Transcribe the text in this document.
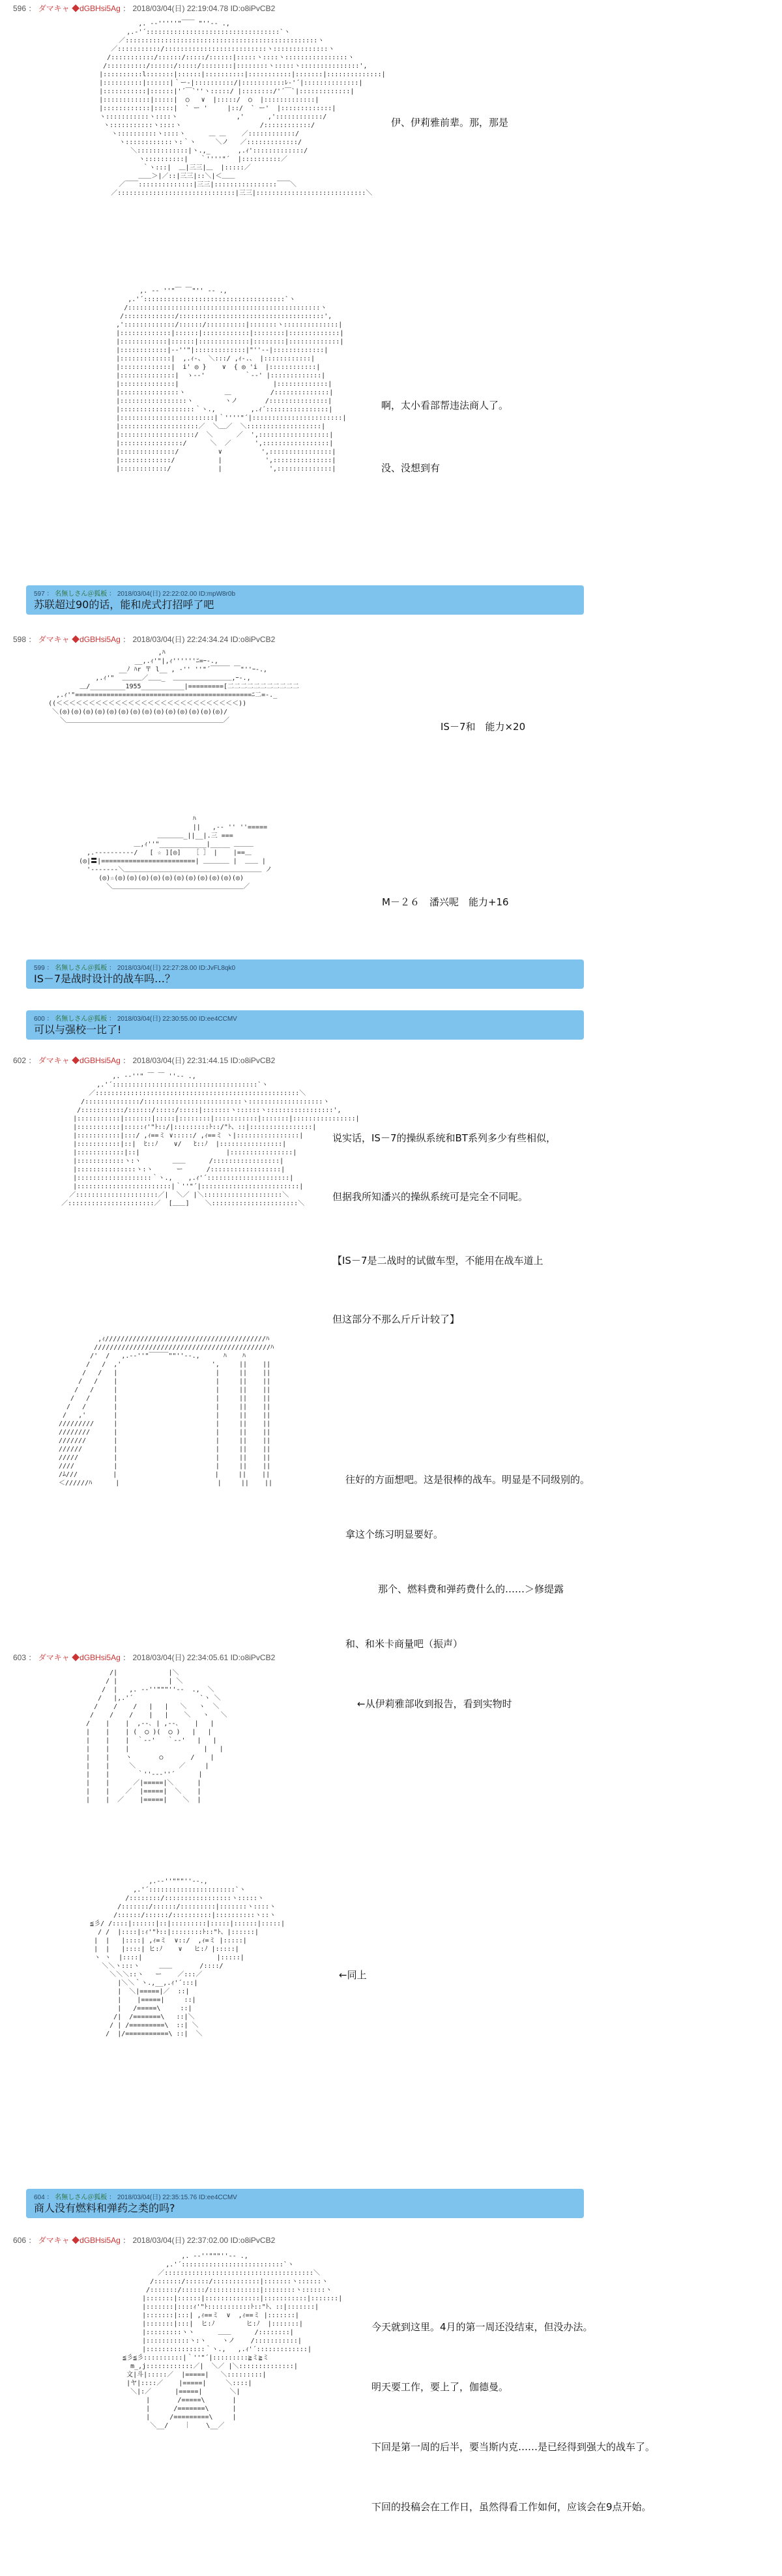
596 ： ダマキャ ◆dGBHsi5Ag ： 2018/03/04(日) 22:19:04.78 ID:o8iPvCB2
,. -‐'''''"￣￣ "''‐- .,
,.-'´::::::::::::::::::::::::::::::::::`ヽ
／:::::::::::::::::::::::::::::::::::::::::::::::::ヽ
／:::::::::::/::::::::::::::::::::::::::ヽ::::::::::::::ヽ
/:::::::::::/::::::/:::::/::::::|:::::ヽ::::ヽ::::::::::::::::ヽ
/::::::::::/::::::/:::::/::::::::|::::::::ヽ:::::ヽ:::::::::::::::',
|::::::::::l:::::::|::::::|::::::::::|:::::::::::|:::::::|::::::::::::::|
|::::::::::|::::::|｀ー-|::::::::::/|:::::::::::ﾚ‐'´|::::::::::::::|
|:::::::::::|::::::|'´￣`''ヽ:::::/ |::::::::/'´￣`|:::::::::::::|
|::::::::::::|:::::|  ○   ∨  |:::::/  ○  |:::::::::::::|
|::::::::::::|:::::|  ` ー '     |::/  ` ー'  |:::::::::::::|
ヽ:::::::::::ヽ::::ヽ               ,'      ,'::::::::::::/
ヽ:::::::::::ヽ::::ヽ                    /::::::::::::/
ヽ::::::::::ヽ::::ヽ      ＿ ＿    ／::::::::::::/
ヽ::::::::::::ヽ:｀ヽ     ＼ノ   ／:::::::::::::/
＼:::::::::::::|ヽ.,_       ,.ｨ':::::::::::::/
ヽ::::::::::|   ｀''''"´  |::::::::::／
｀ヽ:::|  ＿|三三|＿  |:::::／
＿＿＞|／::|三三|::＼|＜＿＿
／￣￣::::::::::::::|三三|::::::::::::::::￣￣＼
／::::::::::::::::::::::::::::::|三三|::::::::::::::::::::::::::::＼

伊、伊莉雅前辈。那，那是

,. -‐ ''"￣ ￣"'' ‐- .,
,.'´::::::::::::::::::::::::::::::::::::`ヽ
/:::::::::::::::::::::::::::::::::::::::::::::::::ヽ
/:::::::::::::/:::::::::::::::::::::::::::::::::::::',
,':::::::::::::/::::::/::::::::::|:::::::ヽ::::::::::::::|
|:::::::::::::|::::::|::::::::::::|::::::::|:::::::::::::|
|::::::::::::|::::::|:::::::::::::|::::::::|:::::::::::::|
|::::::::::::|-‐''"|:::::::::::::|"''‐-|:::::::::::::|
|:::::::::::::|  ,.ｨ-、 ＼:::/ ,ｨ-.、 |::::::::::::|
|:::::::::::::|  i' ◎ }    ∨  { ◎ 'i  |::::::::::::|
|::::::::::::::|  ゝ-‐'          ｀‐-' |:::::::::::::|
|::::::::::::::|                        |:::::::::::::|
|:::::::::::::::ヽ          ＿          /::::::::::::::|
|:::::::::::::::::ヽ        ヽノ       /:::::::::::::::|
|:::::::::::::::::::｀ヽ.,         ,.ｨ´::::::::::::::::|
|::::::::::::::::::::::::|｀''''"´|:::::::::::::::::::::::|
|::::::::::::::::::::／  ＼＿／  ＼:::::::::::::::::::|
|:::::::::::::::::::/  ＼      ／  ',::::::::::::::::::|
|::::::::::::::::/      ＼  ／      ',:::::::::::::::::|
|::::::::::::::/          ∨          ',::::::::::::::::|
|:::::::::::::/           |           ',:::::::::::::::|
|::::::::::::/            |            ',::::::::::::::|

啊，太小看部帮违法商人了。

没、没想到有

597 ： 名無しさん＠狐板 ： 2018/03/04(日) 22:22:02.00 ID:mpW8r0b
苏联超过90的话，能和虎式打招呼了吧
598 ： ダマキャ ◆dGBHsi5Ag ： 2018/03/04(日) 22:24:34.24 ID:o8iPvCB2
,ﾊ
__,.ｨ'"|,ｨ''''''ﾆ=ｰ-.,
__ﾉ ﾊ﻿r 〒 l__ , -'' ''"´￣￣￣ ￣"''ｰ-.,
,.ｨ'"  ＿＿＿／＿＿_  ＿＿＿＿＿＿＿＿＿,ｰ-.,
＿/_________1955___________|=========[二二二二二二二二二二二
,.ｨ'"=============================================ﾆ二=-._
((＜＜＜＜＜＜＜＜＜＜＜＜＜＜＜＜＜＜＜＜＜＜＜＜＜＜＜＜))
＼(◎)(◎)(◎)(◎)(◎)(◎)(◎)(◎)(◎)(◎)(◎)(◎)(◎)(◎)/
＼＿＿＿＿＿＿＿＿＿＿＿＿＿＿＿＿＿＿＿＿＿＿＿＿／

IS－7和　能力×20

ﾊ
||   ,-‐ '' ''=====
＿＿＿＿_||__|.三 ===
＿,ｨ''"____________|_____ ＿＿＿
,.----------/   [ ☆ ][◎]   ［ ］ |    |==＿
(◎|〓|========================| ＿＿＿＿ |  ＿＿ |
'‐------＼＿＿＿＿＿＿＿＿＿＿＿＿＿＿＿＿＿＿＿＿＿ ノ
(◎)☆(◎)(◎)(◎)(◎)(◎)(◎)(◎)(◎)(◎)(◎)(◎)
＼＿＿＿＿＿＿＿＿＿＿＿＿＿＿＿＿＿＿＿＿／

M－２６　潘兴呢　能力+16

599 ： 名無しさん＠狐板 ： 2018/03/04(日) 22:27:28.00 ID:JvFL8qk0
IS－7是战时设计的战车吗…？
600 ： 名無しさん＠狐板 ： 2018/03/04(日) 22:30:55.00 ID:ee4CCMV
可以与强校一比了!
602 ： ダマキャ ◆dGBHsi5Ag ： 2018/03/04(日) 22:31:44.15 ID:o8iPvCB2
,. -‐''" ￣ ￣ ''‐- .,
,.'´:::::::::::::::::::::::::::::::::::::`ヽ
／::::::::::::::::::::::::::::::::::::::::::::::::::::＼
/::::::::::::::/:::::::::::::::::::::::::ヽ:::::::::::::::::::ヽ
/:::::::::::/::::::/:::::/:::::|:::::::ヽ::::::ヽ:::::::::::::::::',
|:::::::::::|:::::::|:::::|::::::::|:::::::::::|:::::::|::::::::::::::::|
|:::::::::::|:::::ｨ'"ﾄ::/|:::::::::ﾄ::/"ﾄ、::|::::::::::::::::|
|:::::::::::|:::/ ,ｨ==ミ ∨:::::/ ,ｨ==ミ ヽ|::::::::::::::::|
|:::::::::::|::|  ﾋ::ﾉ    ∨/   ﾋ::ﾉ  |::::::::::::::::|
|::::::::::::|::|                      |::::::::::::::::|
|::::::::::::ヽ:ヽ        ＿＿      /:::::::::::::::::|
|:::::::::::::::ヽ:ヽ      ー      /::::::::::::::::::|
|:::::::::::::::::::｀ヽ.,    ,.ｨ'´:::::::::::::::::::::|
|::::::::::::::::::::::::|｀''"´|:::::::::::::::::::::::::|
／:::::::::::::::::::::／|  ＼／ |＼::::::::::::::::::::＼
／::::::::::::::::::::::／  [＿＿]    ＼::::::::::::::::::::::＼

说实话，IS－7的操纵系统和BT系列多少有些相似，

但据我所知潘兴的操纵系统可是完全不同呢。

【IS－7是二战时的试做车型，不能用在战车道上

但这部分不那么斤斤计较了】

,ｨ/////////////////////////////////////////ﾊ
/////////////////////////////////////////////ﾊ
/'  /   ,.-‐''"￣￣￣""''‐-.,      ﾊ    ﾊ
/   /  ,'                       ',     ||    ||
/   /   |                         |     ||    ||
/   /    |                         |     ||    ||
/   /     |                         |     ||    ||
/   /      |                         |     ||    ||
/   /       |                         |     ||    ||
/   ,'       |                         |     ||    ||
/////////     |                         |     ||    ||
////////      |                         |     ||    ||
///////       |                         |     ||    ||
//////        |                         |     ||    ||
/////         |                         |     ||    ||
////          |                         |     ||    ||
/ﾑ///         |                         |     ||    ||
＜//////ﾊ      |                         |     ||    ||

	往好的方面想吧。这是很棒的战车。明显是不同级别的。

拿这个练习明显要好。

那个、燃料费和弹药费什么的……＞修缇露

和、和米卡商量吧（振声）

603 ： ダマキャ ◆dGBHsi5Ag ： 2018/03/04(日) 22:34:05.61 ID:o8iPvCB2
/|             |＼
/ |             | ＼
/  |   ,. -‐''"""''‐-  .,  ＼
/   |,.'´                 `ヽ ＼
/    /    /   |   |   ＼   ヽ  ＼
/    /    /    |   |    ＼   ヽ   ＼
/    |    |  ,-‐､ | ,-‐､    |   |
|    |    | (  ◯ )(  ◯ )   |   |
|    |    |  ｀-‐'   ｀-‐'   |   |
|    |    |                   |   |
|    |    ヽ       ○       /    |
|    |     ＼           ／     |
|    |       ｀''‐-‐''´      |
|    |      ／|=====|＼      |
|    |    ／  |=====|  ＼    |
|    |  ／    |=====|    ＼  |

←从伊莉雅部收到报告，看到实物时

,.-‐''"""''‐-.,
,.'´::::::::::::::::::::::`ヽ
/::::::::/:::::::::::::::::ヽ:::::ヽ
/:::::::/::::::/:::::::::|:::::::ヽ::::ヽ
/::::::/::::::/::::::::::|::::::::::ヽ::ヽ
≦彡/ /::::|::::::|::|:::::::::|:::::|::::::|:::::|
/ /  |::::|:ｨ'"ﾄ::|::::::::ﾄ::"ﾄ、|::::::|
|  |   |::::| ,ｨ=ミ  ∨::/  ,ｨ=ミ |:::::|
|  |   |::::| ヒ:ﾉ    ∨   ヒ:ﾉ |:::::|
ヽ ヽ  |::::|                   |:::::|
＼＼ヽ:::ヽ     ＿＿       /::::/
＼＼＼::ヽ   ー    ／:::／
|＼＼｀ヽ.,__,.ｨ'´:::|
|  ＼|=====|／  ::|
|    |=====|     ::|
|   /=====\     ::|
/|  /=======\   ::|＼
/ | /=========\  ::| ＼
/  |/===========\ ::|  ＼

←同上

604 ： 名無しさん＠狐板 ： 2018/03/04(日) 22:35:15.76 ID:ee4CCMV
商人没有燃料和弹药之类的吗?
606 ： ダマキャ ◆dGBHsi5Ag ： 2018/03/04(日) 22:37:02.00 ID:o8iPvCB2
,. -‐''"""''‐- .,
,.'´::::::::::::::::::::::::::`ヽ
／::::::::::::::::::::::::::::::::::::::＼
/:::::::/::::::/::::::::::::|:::::::ヽ::::::ヽ
/:::::::/::::::/:::::::::::::|::::::::ヽ::::::ヽ
|:::::::|::::::|::::::::::::::|:::::::::::|:::::::|
|:::::::|::::ｨ'"ﾄ:::::::::::ﾄ::"ﾄ、::|:::::::|
|:::::::|:::| ,ｨ==ミ  ∨  ,ｨ==ミ |:::::::|
|:::::::|:::|  ヒ:ﾉ        ヒ:ﾉ  |:::::::|
|:::::::::ヽヽ      ＿＿      /::::::::|
|:::::::::::ヽ:ヽ    ヽノ    /:::::::::::|
|:::::::::::::::｀ヽ.,   ,.ｨ'´:::::::::::::|
≦彡≦彡::::::::::|｀''"´|:::::::::≧ミ≧ミ
m_,j::::::::::::／|  ＼／ |＼::::::::::::::|
文|斗|:::::／  |=====|   ＼:::::::::|
|ヤ|::::／    |=====|     ＼::::|
＼|:／      |=====|       ＼|
|       /=====\       |
|      /=======\      |
|     /=========\     |
＼__/    ｜    \__／

今天就到这里。4月的第一周还没结束，但没办法。

明天要工作，要上了，伽德曼。

下回是第一周的后半，要当斯内克……是已经得到强大的战车了。

下回的投稿会在工作日，虽然得看工作如何，应该会在9点开始。
